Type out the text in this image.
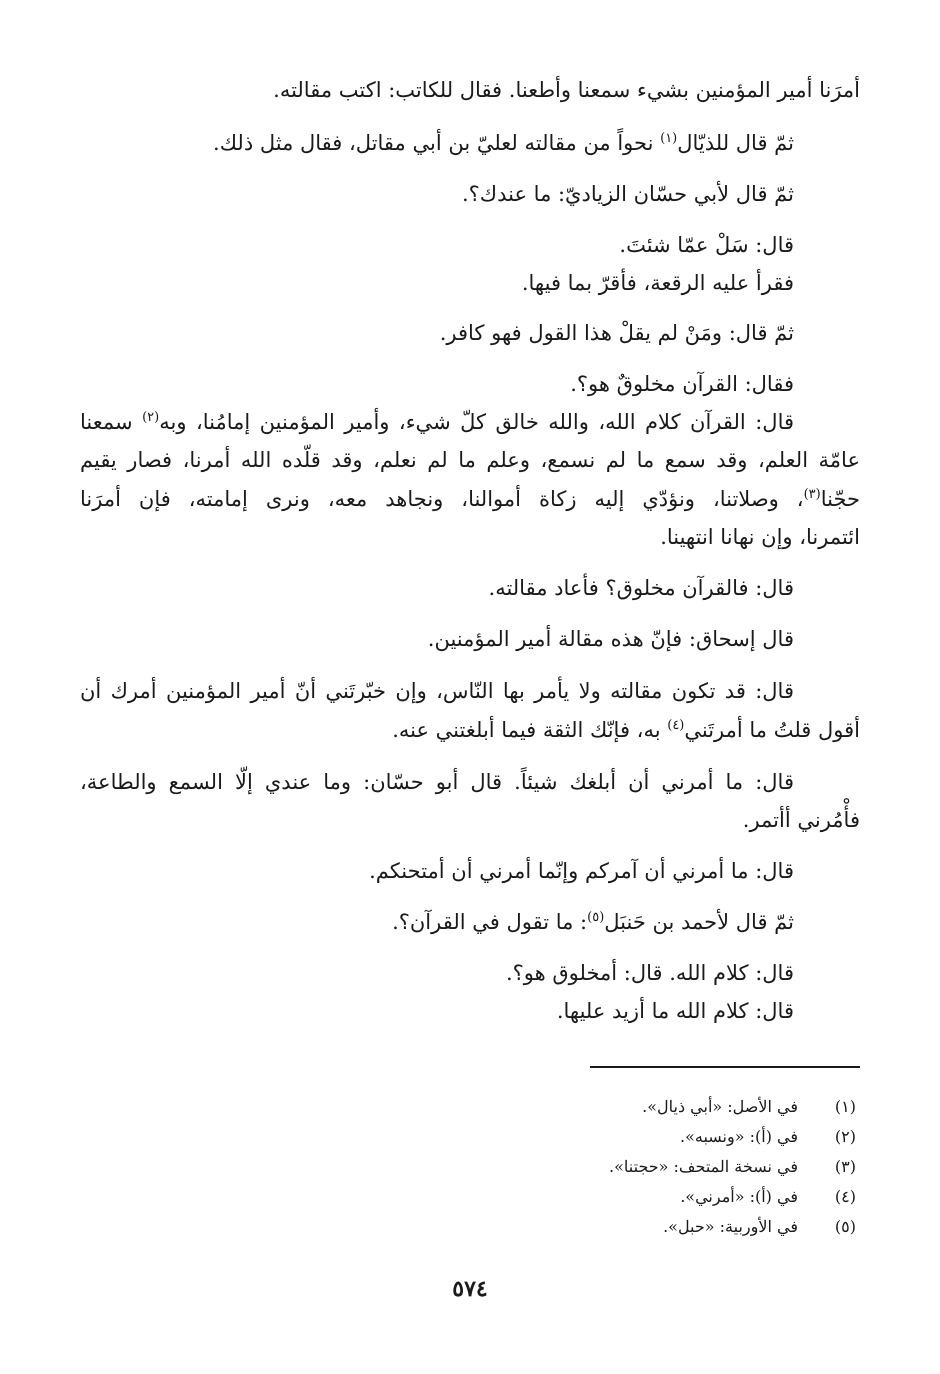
أمرَنا أمير المؤمنين بشيء سمعنا وأطعنا. فقال للكاتب: اكتب مقالته.
ثمّ قال للذيّال$^{(١)}$ نحواً من مقالته لعليّ بن أبي مقاتل، فقال مثل ذلك.
ثمّ قال لأبي حسّان الزياديّ: ما عندك؟.
قال: سَلْ عمّا شئتَ.
فقرأ عليه الرقعة، فأقرّ بما فيها.
ثمّ قال: ومَنْ لم يقلْ هذا القول فهو كافر.
فقال: القرآن مخلوقٌ هو؟.
قال: القرآن كلام الله، والله خالق كلّ شيء، وأمير المؤمنين إمامُنا، وبه$^{(٢)}$ سمعنا
عامّة العلم، وقد سمع ما لم نسمع، وعلم ما لم نعلم، وقد قلّده الله أمرنا، فصار يقيم
حجّنا$^{(٣)}$، وصلاتنا، ونؤدّي إليه زكاة أموالنا، ونجاهد معه، ونرى إمامته، فإن أمرَنا
ائتمرنا، وإن نهانا انتهينا.
قال: فالقرآن مخلوق؟ فأعاد مقالته.
قال إسحاق: فإنّ هذه مقالة أمير المؤمنين.
قال: قد تكون مقالته ولا يأمر بها النّاس، وإن خبّرتَني أنّ أمير المؤمنين أمرك أن
أقول قلتُ ما أمرتَني$^{(٤)}$ به، فإنّك الثقة فيما أبلغتني عنه.
قال: ما أمرني أن أبلغك شيئاً. قال أبو حسّان: وما عندي إلّا السمع والطاعة،
فأْمُرني أأتمر.
قال: ما أمرني أن آمركم وإنّما أمرني أن أمتحنكم.
ثمّ قال لأحمد بن حَنبَل$^{(٥)}$: ما تقول في القرآن؟.
قال: كلام الله. قال: أمخلوق هو؟.
قال: كلام الله ما أزيد عليها.
(١)في الأصل: «أبي ذيال».
(٢)في (أ): «ونسبه».
(٣)في نسخة المتحف: «حجتنا».
(٤)في (أ): «أمرني».
(٥)في الأوربية: «حبل».
٥٧٤
